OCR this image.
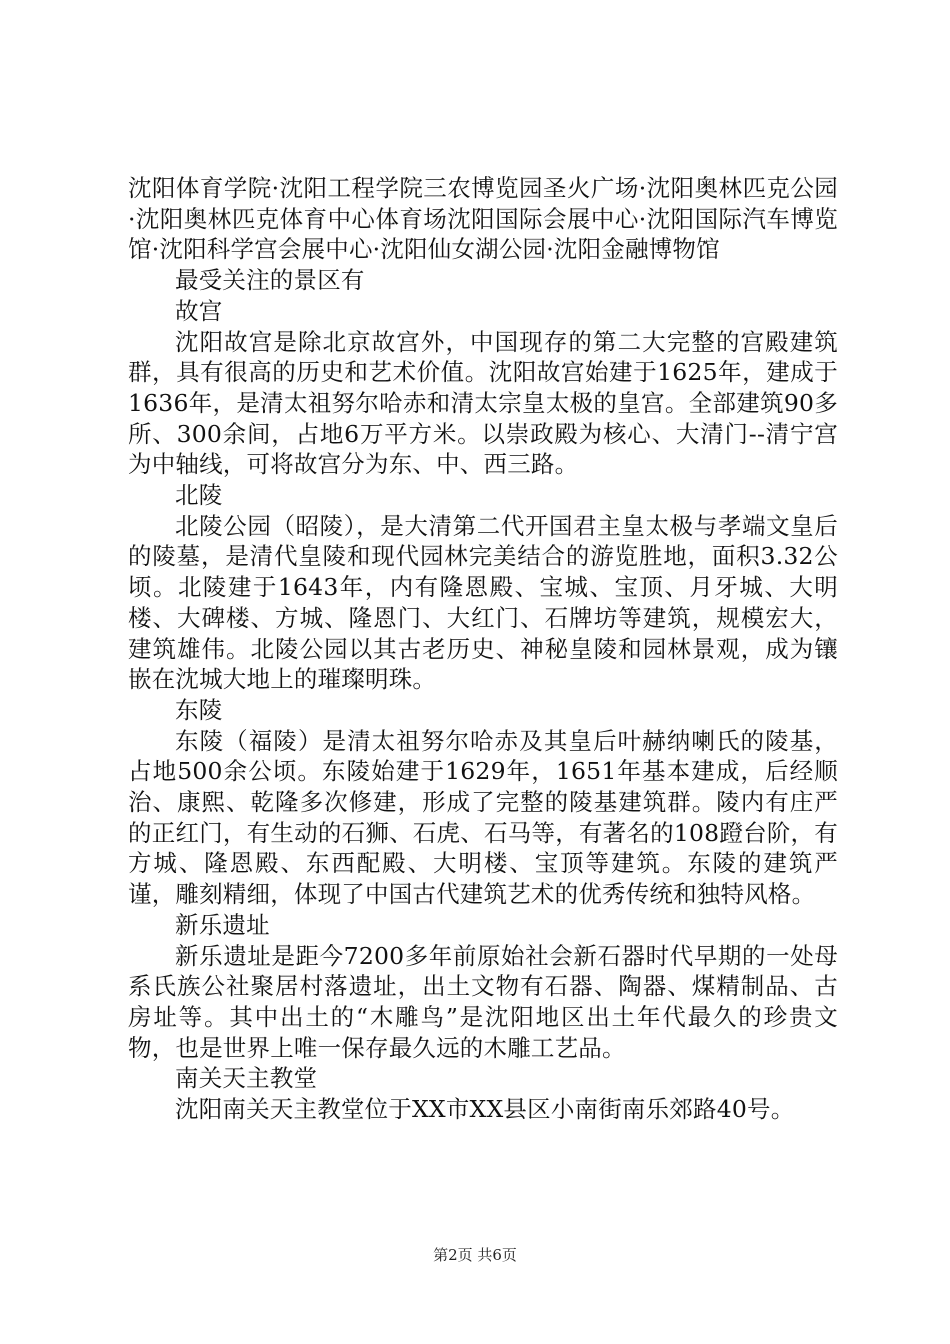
沈阳体育学院·沈阳工程学院三农博览园圣火广场·沈阳奥林匹克公园·沈阳奥林匹克体育中心体育场沈阳国际会展中心·沈阳国际汽车博览馆·沈阳科学宫会展中心·沈阳仙女湖公园·沈阳金融博物馆

最受关注的景区有

故宫

沈阳故宫是除北京故宫外，中国现存的第二大完整的宫殿建筑群，具有很高的历史和艺术价值。沈阳故宫始建于1625年，建成于1636年，是清太祖努尔哈赤和清太宗皇太极的皇宫。全部建筑90多所、300余间，占地6万平方米。以崇政殿为核心、大清门--清宁宫为中轴线，可将故宫分为东、中、西三路。

北陵

北陵公园（昭陵），是大清第二代开国君主皇太极与孝端文皇后的陵墓，是清代皇陵和现代园林完美结合的游览胜地，面积3.32公顷。北陵建于1643年，内有隆恩殿、宝城、宝顶、月牙城、大明楼、大碑楼、方城、隆恩门、大红门、石牌坊等建筑，规模宏大，建筑雄伟。北陵公园以其古老历史、神秘皇陵和园林景观，成为镶嵌在沈城大地上的璀璨明珠。

东陵

东陵（福陵）是清太祖努尔哈赤及其皇后叶赫纳喇氏的陵基，占地500余公顷。东陵始建于1629年，1651年基本建成，后经顺治、康熙、乾隆多次修建，形成了完整的陵基建筑群。陵内有庄严的正红门，有生动的石狮、石虎、石马等，有著名的108蹬台阶，有方城、隆恩殿、东西配殿、大明楼、宝顶等建筑。东陵的建筑严谨，雕刻精细，体现了中国古代建筑艺术的优秀传统和独特风格。

新乐遗址

新乐遗址是距今7200多年前原始社会新石器时代早期的一处母系氏族公社聚居村落遗址，出土文物有石器、陶器、煤精制品、古房址等。其中出土的“木雕鸟”是沈阳地区出土年代最久的珍贵文物，也是世界上唯一保存最久远的木雕工艺品。

南关天主教堂

沈阳南关天主教堂位于XX市XX县区小南街南乐郊路40号。

第2页 共6页
